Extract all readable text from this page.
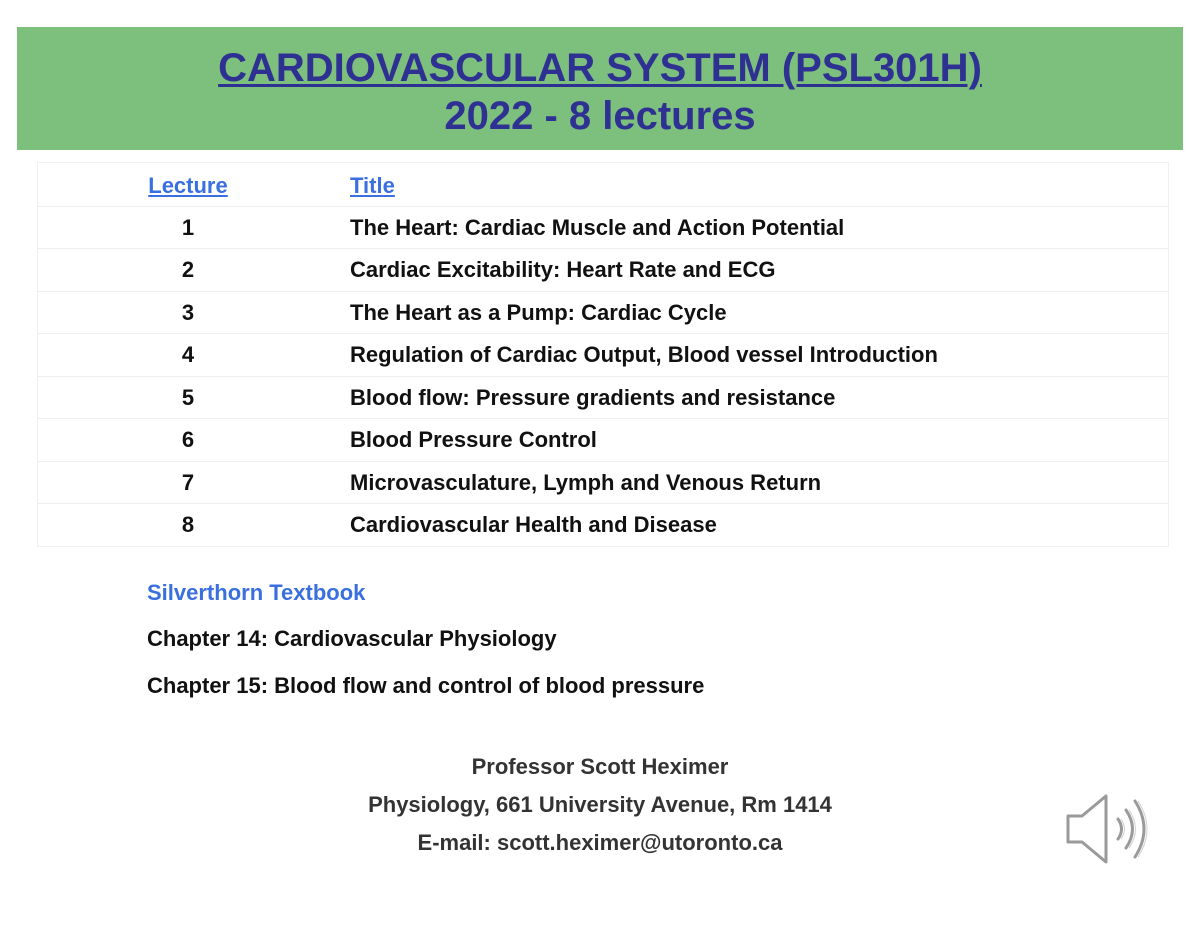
CARDIOVASCULAR SYSTEM (PSL301H)
2022 - 8 lectures
Lecture	Title
1	The Heart: Cardiac Muscle and Action Potential
2	Cardiac Excitability: Heart Rate and ECG
3	The Heart as a Pump: Cardiac Cycle
4	Regulation of Cardiac Output, Blood vessel Introduction
5	Blood flow: Pressure gradients and resistance
6	Blood Pressure Control
7	Microvasculature, Lymph and Venous Return
8	Cardiovascular Health and Disease
Silverthorn Textbook
Chapter 14: Cardiovascular Physiology
Chapter 15: Blood flow and control of blood pressure
Professor Scott Heximer
Physiology, 661 University Avenue, Rm 1414
E-mail: scott.heximer@utoronto.ca
